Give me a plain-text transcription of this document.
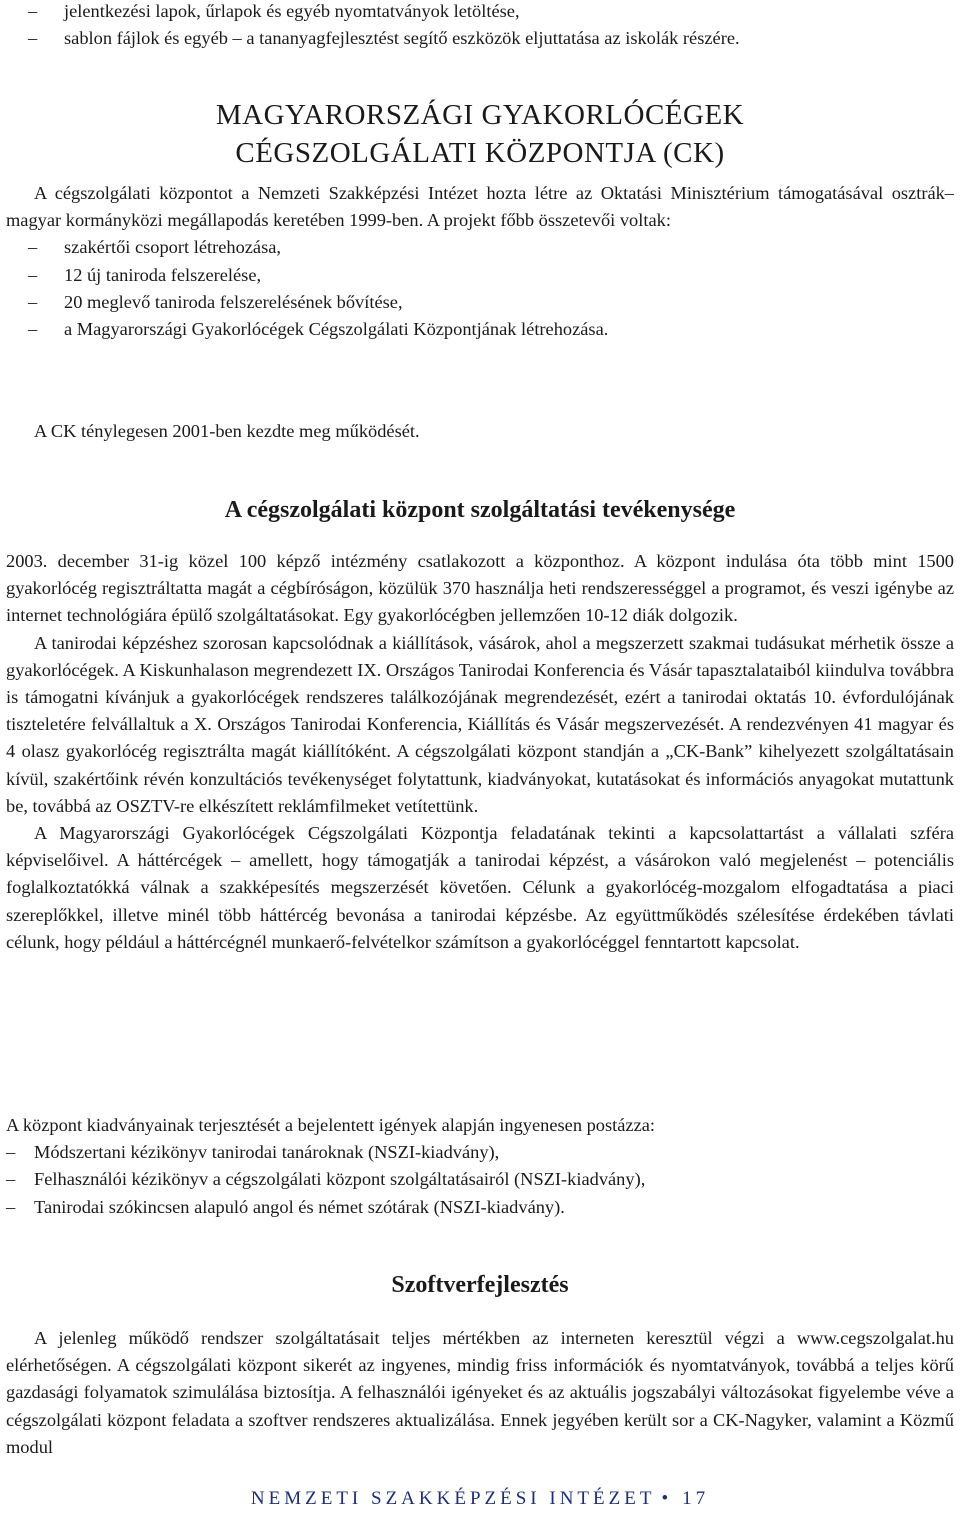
–	jelentkezési lapok, űrlapok és egyéb nyomtatványok letöltése,
–	sablon fájlok és egyéb – a tananyagfejlesztést segítő eszközök eljuttatása az iskolák részére.
MAGYARORSZÁGI GYAKORLÓCÉGEK
CÉGSZOLGÁLATI KÖZPONTJA (CK)

A cégszolgálati központot a Nemzeti Szakképzési Intézet hozta létre az Oktatási Minisztérium támogatásával osztrák–magyar kormányközi megállapodás keretében 1999-ben. A projekt főbb összetevői voltak:

–	szakértői csoport létrehozása,
–	12 új taniroda felszerelése,
–	20 meglevő taniroda felszerelésének bővítése,
–	a Magyarországi Gyakorlócégek Cégszolgálati Központjának létrehozása.

A CK ténylegesen 2001-ben kezdte meg működését.

A cégszolgálati központ szolgáltatási tevékenysége

2003. december 31-ig közel 100 képző intézmény csatlakozott a központhoz. A központ indulása óta több mint 1500 gyakorlócég regisztráltatta magát a cégbíróságon, közülük 370 használja heti rendszerességgel a programot, és veszi igénybe az internet technológiára épülő szolgáltatásokat. Egy gyakorlócégben jellemzően 10-12 diák dolgozik.

A tanirodai képzéshez szorosan kapcsolódnak a kiállítások, vásárok, ahol a megszerzett szakmai tudásukat mérhetik össze a gyakorlócégek. A Kiskunhalason megrendezett IX. Országos Tanirodai Konferencia és Vásár tapasztalataiból kiindulva továbbra is támogatni kívánjuk a gyakorlócégek rendszeres találkozójának megrendezését, ezért a tanirodai oktatás 10. évfordulójának tiszteletére felvállaltuk a X. Országos Tanirodai Konferencia, Kiállítás és Vásár megszervezését. A rendezvényen 41 magyar és 4 olasz gyakorlócég regisztrálta magát kiállítóként. A cégszolgálati központ standján a „CK-Bank” kihelyezett szolgáltatásain kívül, szakértőink révén konzultációs tevékenységet folytattunk, kiadványokat, kutatásokat és információs anyagokat mutattunk be, továbbá az OSZTV-re elkészített reklámfilmeket vetítettünk.

A Magyarországi Gyakorlócégek Cégszolgálati Központja feladatának tekinti a kapcsolattartást a vállalati szféra képviselőivel. A háttércégek – amellett, hogy támogatják a tanirodai képzést, a vásárokon való megjelenést – potenciális foglalkoztatókká válnak a szakképesítés megszerzését követően. Célunk a gyakorlócég-mozgalom elfogadtatása a piaci szereplőkkel, illetve minél több háttércég bevonása a tanirodai képzésbe. Az együttműködés szélesítése érdekében távlati célunk, hogy például a háttércégnél munkaerő-felvételkor számítson a gyakorlócéggel fenntartott kapcsolat.

A központ kiadványainak terjesztését a bejelentett igények alapján ingyenesen postázza:

–	Módszertani kézikönyv tanirodai tanároknak (NSZI-kiadvány),
–	Felhasználói kézikönyv a cégszolgálati központ szolgáltatásairól (NSZI-kiadvány),
–	Tanirodai szókincsen alapuló angol és német szótárak (NSZI-kiadvány).
Szoftverfejlesztés

A jelenleg működő rendszer szolgáltatásait teljes mértékben az interneten keresztül végzi a www.cegszolgalat.hu elérhetőségen. A cégszolgálati központ sikerét az ingyenes, mindig friss információk és nyomtatványok, továbbá a teljes körű gazdasági folyamatok szimulálása biztosítja. A felhasználói igényeket és az aktuális jogszabályi változásokat figyelembe véve a cégszolgálati központ feladata a szoftver rendszeres aktualizálása. Ennek jegyében került sor a CK-Nagyker, valamint a Közmű modul

NEMZETI SZAKKÉPZÉSI INTÉZET • 17
